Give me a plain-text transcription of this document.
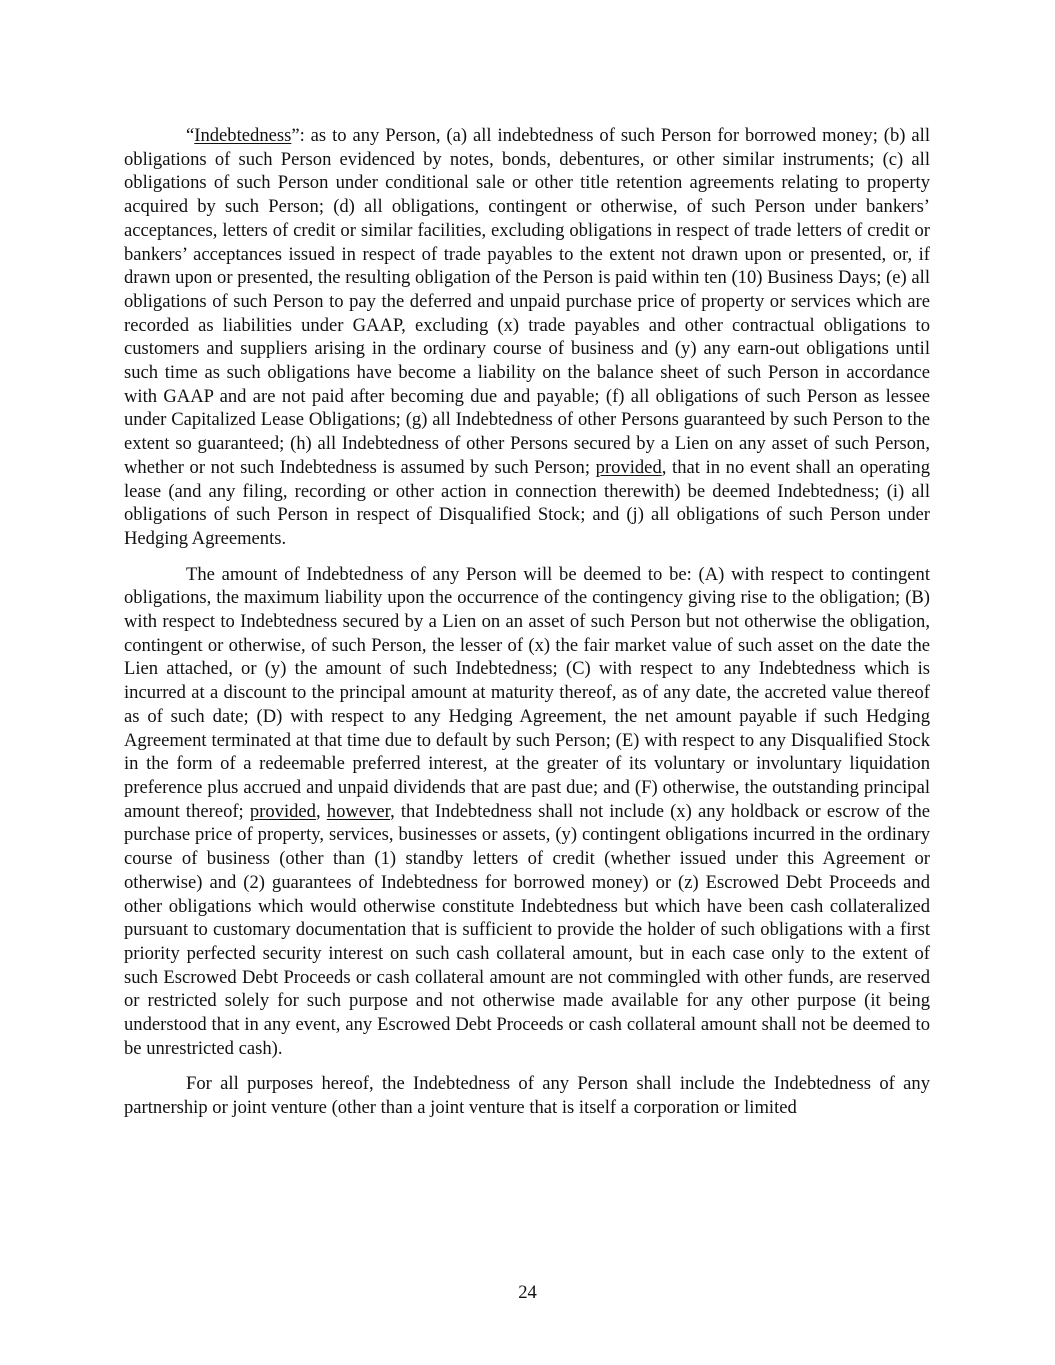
“Indebtedness”: as to any Person, (a) all indebtedness of such Person for borrowed money; (b) all obligations of such Person evidenced by notes, bonds, debentures, or other similar instruments; (c) all obligations of such Person under conditional sale or other title retention agreements relating to property acquired by such Person; (d) all obligations, contingent or otherwise, of such Person under bankers’ acceptances, letters of credit or similar facilities, excluding obligations in respect of trade letters of credit or bankers’ acceptances issued in respect of trade payables to the extent not drawn upon or presented, or, if drawn upon or presented, the resulting obligation of the Person is paid within ten (10) Business Days; (e) all obligations of such Person to pay the deferred and unpaid purchase price of property or services which are recorded as liabilities under GAAP, excluding (x) trade payables and other contractual obligations to customers and suppliers arising in the ordinary course of business and (y) any earn-out obligations until such time as such obligations have become a liability on the balance sheet of such Person in accordance with GAAP and are not paid after becoming due and payable; (f) all obligations of such Person as lessee under Capitalized Lease Obligations; (g) all Indebtedness of other Persons guaranteed by such Person to the extent so guaranteed; (h) all Indebtedness of other Persons secured by a Lien on any asset of such Person, whether or not such Indebtedness is assumed by such Person; provided, that in no event shall an operating lease (and any filing, recording or other action in connection therewith) be deemed Indebtedness; (i) all obligations of such Person in respect of Disqualified Stock; and (j) all obligations of such Person under Hedging Agreements.

The amount of Indebtedness of any Person will be deemed to be: (A) with respect to contingent obligations, the maximum liability upon the occurrence of the contingency giving rise to the obligation; (B) with respect to Indebtedness secured by a Lien on an asset of such Person but not otherwise the obligation, contingent or otherwise, of such Person, the lesser of (x) the fair market value of such asset on the date the Lien attached, or (y) the amount of such Indebtedness; (C) with respect to any Indebtedness which is incurred at a discount to the principal amount at maturity thereof, as of any date, the accreted value thereof as of such date; (D) with respect to any Hedging Agreement, the net amount payable if such Hedging Agreement terminated at that time due to default by such Person; (E) with respect to any Disqualified Stock in the form of a redeemable preferred interest, at the greater of its voluntary or involuntary liquidation preference plus accrued and unpaid dividends that are past due; and (F) otherwise, the outstanding principal amount thereof; provided, however, that Indebtedness shall not include (x) any holdback or escrow of the purchase price of property, services, businesses or assets, (y) contingent obligations incurred in the ordinary course of business (other than (1) standby letters of credit (whether issued under this Agreement or otherwise) and (2) guarantees of Indebtedness for borrowed money) or (z) Escrowed Debt Proceeds and other obligations which would otherwise constitute Indebtedness but which have been cash collateralized pursuant to customary documentation that is sufficient to provide the holder of such obligations with a first priority perfected security interest on such cash collateral amount, but in each case only to the extent of such Escrowed Debt Proceeds or cash collateral amount are not commingled with other funds, are reserved or restricted solely for such purpose and not otherwise made available for any other purpose (it being understood that in any event, any Escrowed Debt Proceeds or cash collateral amount shall not be deemed to be unrestricted cash).

For all purposes hereof, the Indebtedness of any Person shall include the Indebtedness of any partnership or joint venture (other than a joint venture that is itself a corporation or limited

24
